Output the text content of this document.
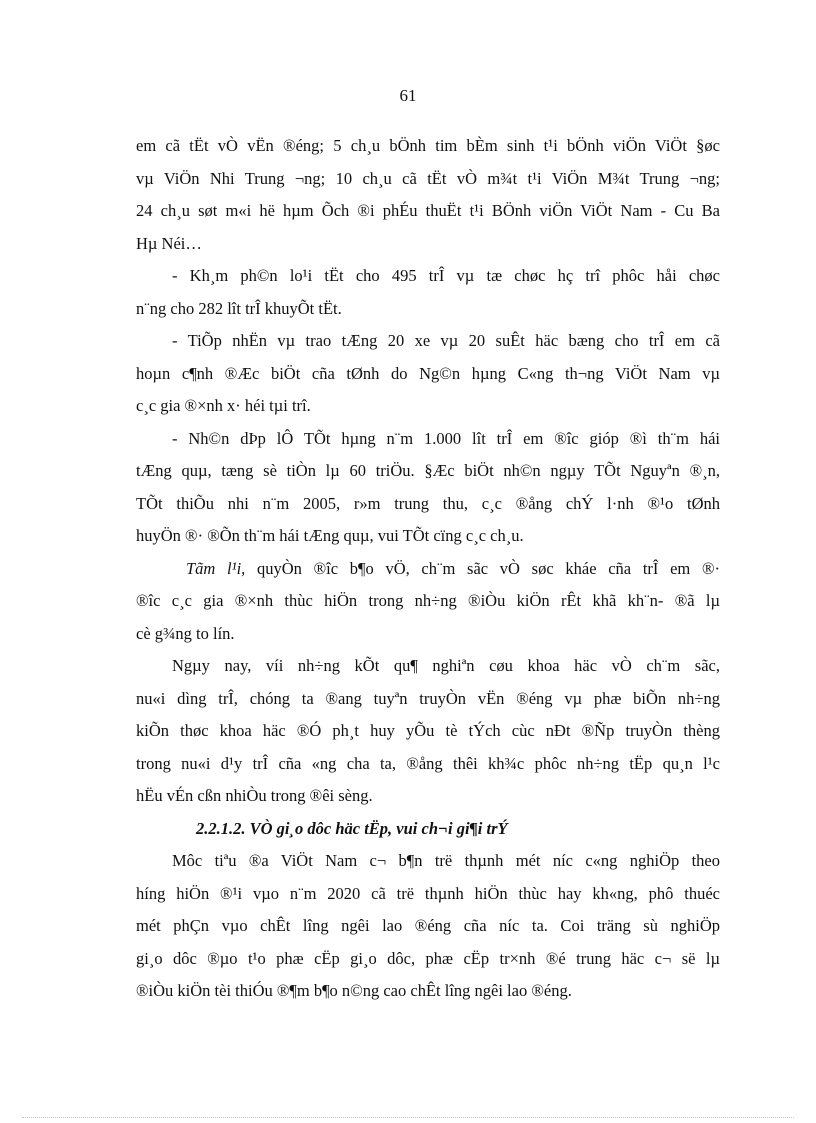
61

em cã tËt vÒ vËn ®éng; 5 ch¸u bÖnh tim bÈm sinh t¹i bÖnh viÖn ViÖt §øc
vµ ViÖn Nhi Trung ¬ng; 10 ch¸u cã tËt vÒ m¾t t¹i ViÖn M¾t Trung ¬ng;
24 ch¸u søt m«i hë hµm Õch ®i phÉu thuËt t¹i BÖnh viÖn ViÖt Nam - Cu Ba
Hµ Néi…

- Kh¸m ph©n lo¹i tËt cho 495 trÎ vµ tæ chøc hç trî phôc håi chøc
n¨ng cho 282 lît trÎ khuyÕt tËt.

- TiÕp nhËn vµ trao tÆng 20 xe vµ 20 suÊt häc bæng cho trÎ em cã
hoµn c¶nh ®Æc biÖt cña tØnh do Ng©n hµng C«ng th¬ng ViÖt Nam vµ
c¸c gia ®×nh x· héi tµi trî.

- Nh©n dÞp lÔ TÕt hµng n¨m 1.000 lît trÎ em ®îc gióp ®ì th¨m hái
tÆng quµ, tæng sè tiÒn lµ 60 triÖu. §Æc biÖt nh©n ngµy TÕt Nguyªn ®¸n,
TÕt thiÕu nhi n¨m 2005, r»m trung thu, c¸c ®ång chÝ l·nh ®¹o tØnh
huyÖn ®· ®Õn th¨m hái tÆng quµ, vui TÕt cïng c¸c ch¸u.

Tãm l¹i, quyÒn ®îc b¶o vÖ, ch¨m sãc vÒ søc kháe cña trÎ em ®·
®îc c¸c gia ®×nh thùc hiÖn trong nh÷ng ®iÒu kiÖn rÊt khã kh¨n- ®ã lµ
cè g¾ng to lín.

Ngµy nay, víi nh÷ng kÕt qu¶ nghiªn cøu khoa häc vÒ ch¨m sãc,
nu«i dìng trÎ, chóng ta ®ang tuyªn truyÒn vËn ®éng vµ phæ biÕn nh÷ng
kiÕn thøc khoa häc ®Ó ph¸t huy yÕu tè tÝch cùc nÐt ®Ñp truyÒn thèng
trong nu«i d¹y trÎ cña «ng cha ta, ®ång thêi kh¾c phôc nh÷ng tËp qu¸n l¹c
hËu vÉn cßn nhiÒu trong ®êi sèng.

2.2.1.2. VÒ gi¸o dôc häc tËp, vui ch¬i gi¶i trÝ

Môc tiªu ®a ViÖt Nam c¬ b¶n trë thµnh mét níc c«ng nghiÖp theo
híng hiÖn ®¹i vµo n¨m 2020 cã trë thµnh hiÖn thùc hay kh«ng, phô thuéc
mét phÇn vµo chÊt lîng ngêi lao ®éng cña níc ta. Coi träng sù nghiÖp
gi¸o dôc ®µo t¹o phæ cËp gi¸o dôc, phæ cËp tr×nh ®é trung häc c¬ së lµ
®iÒu kiÖn tèi thiÓu ®¶m b¶o n©ng cao chÊt lîng ngêi lao ®éng.
